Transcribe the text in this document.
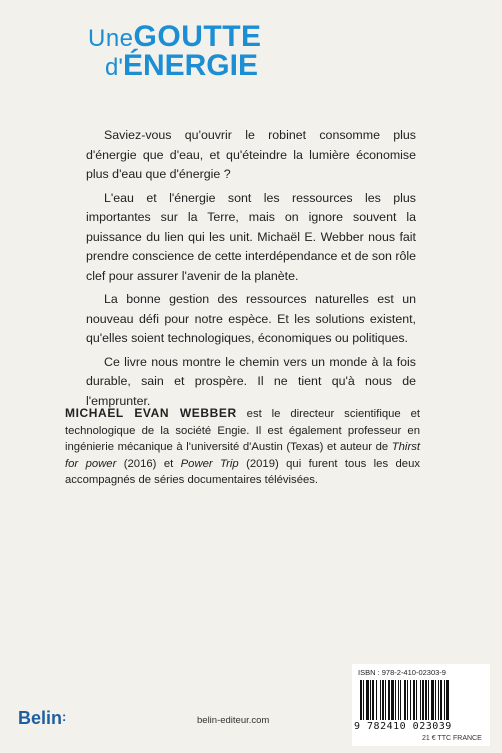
UneGOUTTE
d'ÉNERGIE

Saviez-vous qu'ouvrir le robinet consomme plus d'énergie que d'eau, et qu'éteindre la lumière économise plus d'eau que d'énergie ?

L'eau et l'énergie sont les ressources les plus importantes sur la Terre, mais on ignore souvent la puissance du lien qui les unit. Michaël E. Webber nous fait prendre conscience de cette interdépendance et de son rôle clef pour assurer l'avenir de la planète.

La bonne gestion des ressources naturelles est un nouveau défi pour notre espèce. Et les solutions existent, qu'elles soient technologiques, économiques ou politiques.

Ce livre nous montre le chemin vers un monde à la fois durable, sain et prospère. Il ne tient qu'à nous de l'emprunter.

MICHAEL EVAN WEBBER est le directeur scientifique et technologique de la société Engie. Il est également professeur en ingénierie mécanique à l'université d'Austin (Texas) et auteur de Thirst for power (2016) et Power Trip (2019) qui furent tous les deux accompagnés de séries documentaires télévisées.
ISBN : 978-2-410-02303-9
9 782410 023039
21 € TTC FRANCE
Belin:	belin-editeur.com
